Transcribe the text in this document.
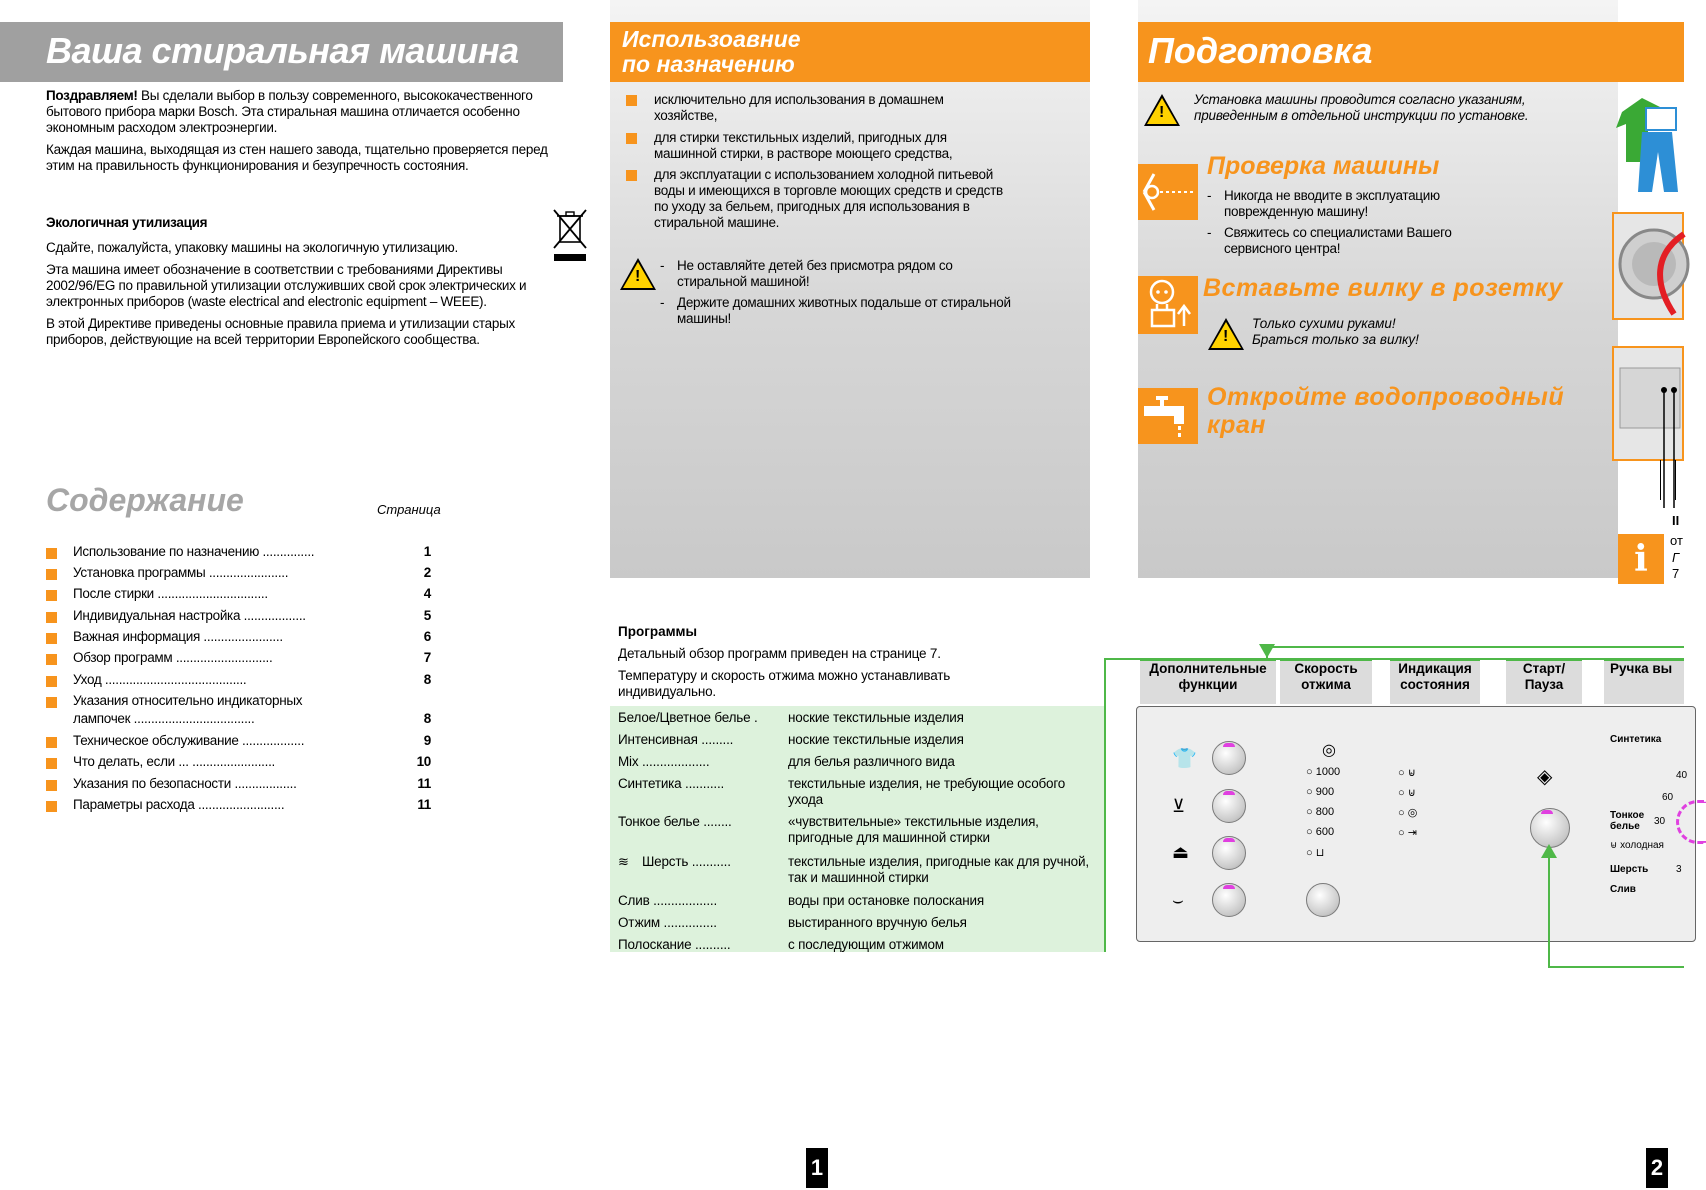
Ваша стиральная машина

Поздравляем! Вы сделали выбор в пользу современного, высококачественного бытового прибора марки Bosch. Эта стиральная машина отличается особенно экономным расходом электроэнергии.

Каждая машина, выходящая из стен нашего завода, тщательно проверяется перед этим на правильность функционирования и безупречность состояния.

Экологичная утилизация

Сдайте, пожалуйста, упаковку машины на экологичную утилизацию.

Эта машина имеет обозначение в соответствии с требованиями Директивы 2002/96/EG по правильной утилизации отслуживших свой срок электрических и электронных приборов (waste electrical and electronic equipment – WEEE).

В этой Директиве приведены основные правила приема и утилизации старых приборов, действующие на всей территории Европейского сообщества.

Содержание	Страница
Использование по назначению ...............	1
Установка программы .......................	2
После стирки ................................	4
Индивидуальная настройка ..................	5
Важная информация .......................	6
Обзор программ ............................	7
Уход .........................................	8
Указания относительно индикаторных
лампочек ...................................	8
Техническое обслуживание ..................	9
Что делать, если ... ........................	10
Указания по безопасности ..................	11
Параметры расхода .........................	11
1
Использоавние
по назначению
исключительно для использования в домашнем хозяйстве,
для стирки текстильных изделий, пригодных для машинной стирки, в растворе моющего средства,
для эксплуатации с использованием холодной питьевой воды и имеющихся в торговле моющих средств и средств по уходу за бельем, пригодных для использования в стиральной машине.
!
- Не оставляйте детей без присмотра рядом со стиральной машиной!
- Держите домашних животных подальше от стиральной машины!
Программы
Детальный обзор программ приведен на странице 7.
Температуру и скорость отжима можно устанавливать индивидуально.
Белое/Цветное белье .	ноские текстильные изделия
Интенсивная .........	ноские текстильные изделия
Mix ...................	для белья различного вида
Синтетика ...........	текстильные изделия, не требующие особого ухода
Тонкое белье ........	«чувствительные» текстильные изделия, пригодные для машинной стирки
≋ Шерсть ...........	текстильные изделия, пригодные как для ручной, так и машинной стирки
Слив ..................	воды при остановке полоскания
Отжим ...............	выстиранного вручную белья
Полоскание ..........	с последующим отжимом
Подготовка
!
Установка машины проводится согласно указаниям, приведенным в отдельной инструкции по установке.
Проверка машины
- Никогда не вводите в эксплуатацию поврежденную машину!
- Свяжитесь со специалистами Вашего сервисного центра!
Вставьте вилку в розетку
!
Только сухими руками!
Браться только за вилку!
Откройте водопроводный
кран
II
i	от
Г
7
Дополнительные функции
Скорость отжима
Индикация состояния
Старт/ Пауза
Ручка вы
👕
⊻
⏏
⌣
◎
○ 1000
○ 900
○ 800
○ 600
○ ⊔
○ ⊌
○ ⊍
○ ◎
○ ⇥
◈
Синтетика
40
60
Тонкое белье	30
⊌ холодная
Шерсть	3
Слив
2
